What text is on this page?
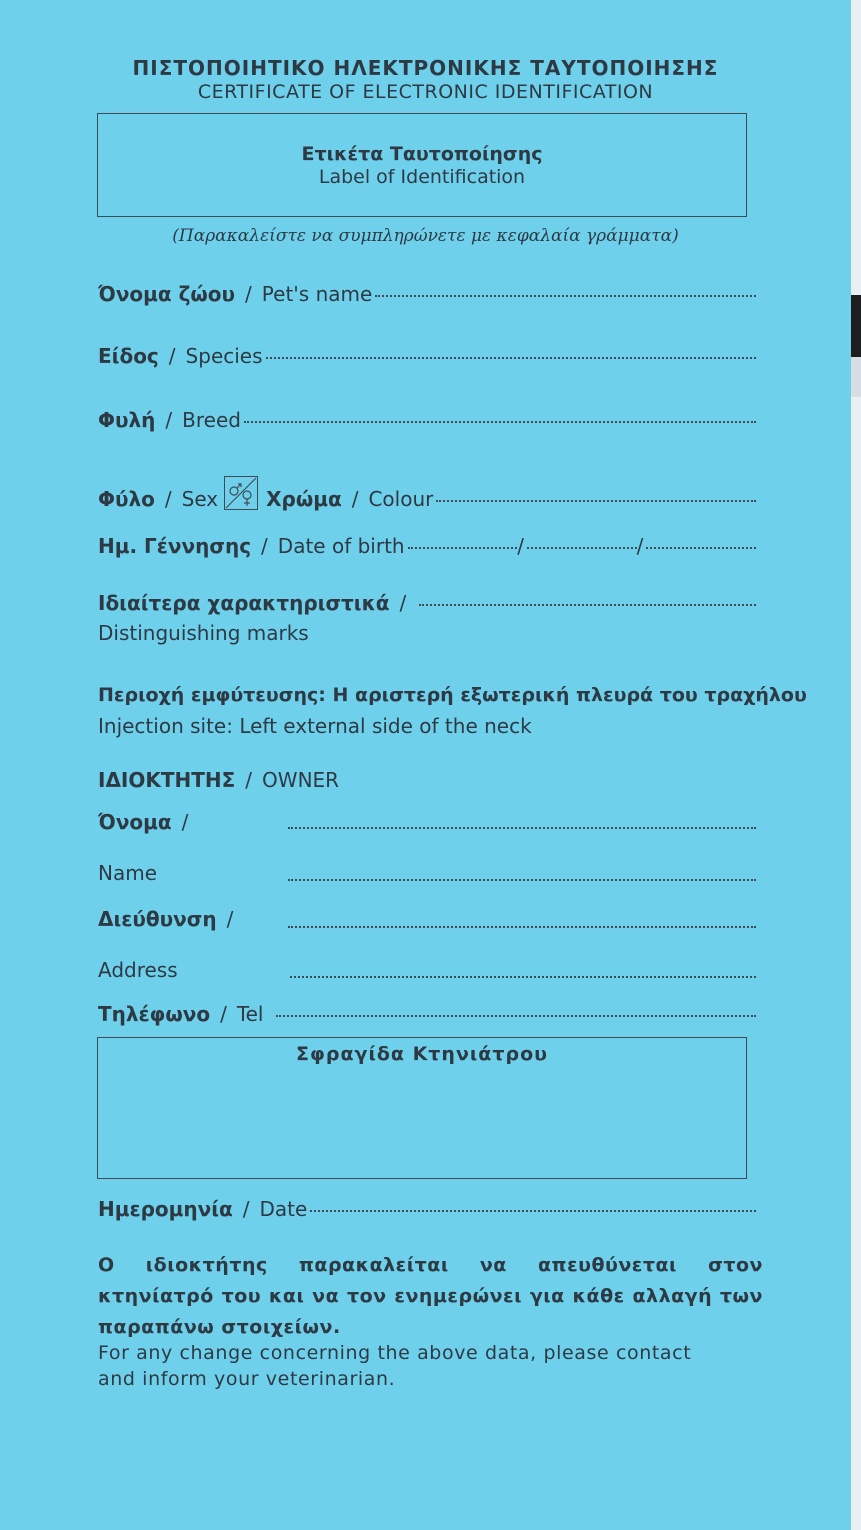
ΠΙΣΤΟΠΟΙΗΤΙΚΟ ΗΛΕΚΤΡΟΝΙΚΗΣ ΤΑΥΤΟΠΟΙΗΣΗΣ
CERTIFICATE OF ELECTRONIC IDENTIFICATION
Ετικέτα Ταυτοποίησης
Label of Identification
(Παρακαλείστε να συμπληρώνετε με κεφαλαία γράμματα)
Όνομα ζώου / Pet's name
Είδος / Species
Φυλή / Breed
Φύλο / Sex Χρώμα / Colour
Ημ. Γέννησης / Date of birth	/	/
Ιδιαίτερα χαρακτηριστικά /
Distinguishing marks
Περιοχή εμφύτευσης: Η αριστερή εξωτερική πλευρά του τραχήλου
Injection site: Left external side of the neck
ΙΔΙΟΚΤΗΤΗΣ / OWNER
Όνομα /
Name
Διεύθυνση /
Address
Τηλέφωνο / Tel
Σφραγίδα Κτηνιάτρου
Ημερομηνία / Date
Ο ιδιοκτήτης παρακαλείται να απευθύνεται στον κτηνίατρό του και να τον ενημερώνει για κάθε αλλαγή των παραπάνω στοιχείων.
For any change concerning the above data, please contact and inform your veterinarian.
